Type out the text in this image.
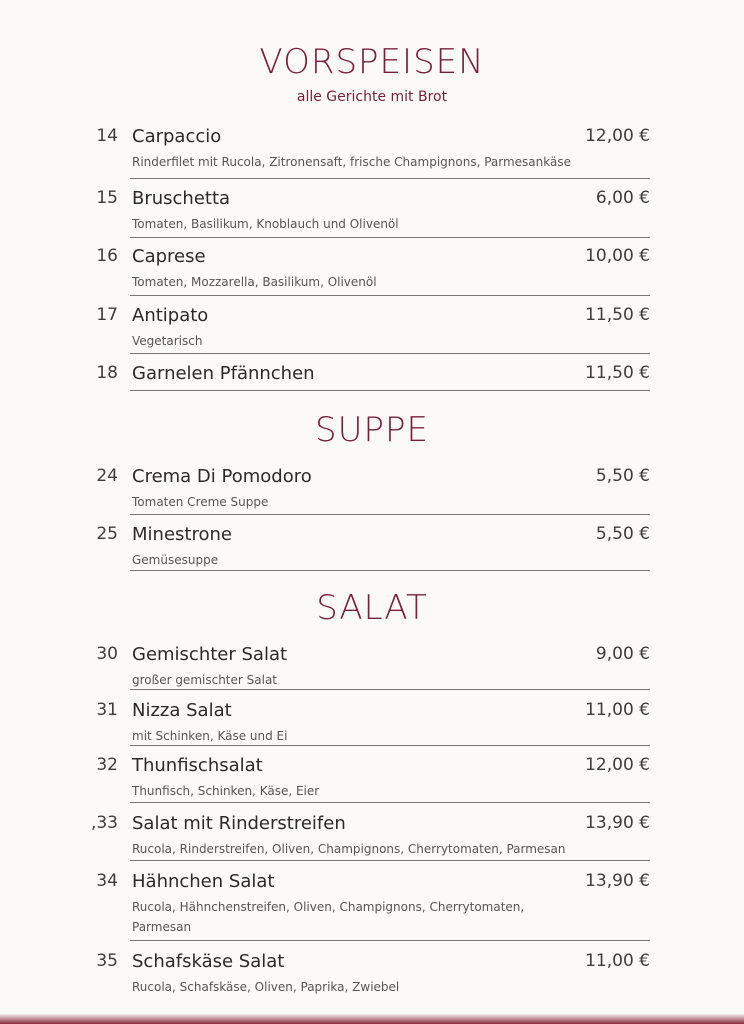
VORSPEISEN
alle Gerichte mit Brot
14 Carpaccio	12,00 €
Rinderfilet mit Rucola, Zitronensaft, frische Champignons, Parmesankäse
15 Bruschetta	6,00 €
Tomaten, Basilikum, Knoblauch und Olivenöl
16 Caprese	10,00 €
Tomaten, Mozzarella, Basilikum, Olivenöl
17 Antipato	11,50 €
Vegetarisch
18 Garnelen Pfännchen	11,50 €
SUPPE
24 Crema Di Pomodoro	5,50 €
Tomaten Creme Suppe
25 Minestrone	5,50 €
Gemüsesuppe
SALAT
30 Gemischter Salat	9,00 €
großer gemischter Salat
31 Nizza Salat	11,00 €
mit Schinken, Käse und Ei
32 Thunfischsalat	12,00 €
Thunfisch, Schinken, Käse, Eier
,33 Salat mit Rinderstreifen	13,90 €
Rucola, Rinderstreifen, Oliven, Champignons, Cherrytomaten, Parmesan
34 Hähnchen Salat	13,90 €
Rucola, Hähnchenstreifen, Oliven, Champignons, Cherrytomaten, Parmesan
35 Schafskäse Salat	11,00 €
Rucola, Schafskäse, Oliven, Paprika, Zwiebel
